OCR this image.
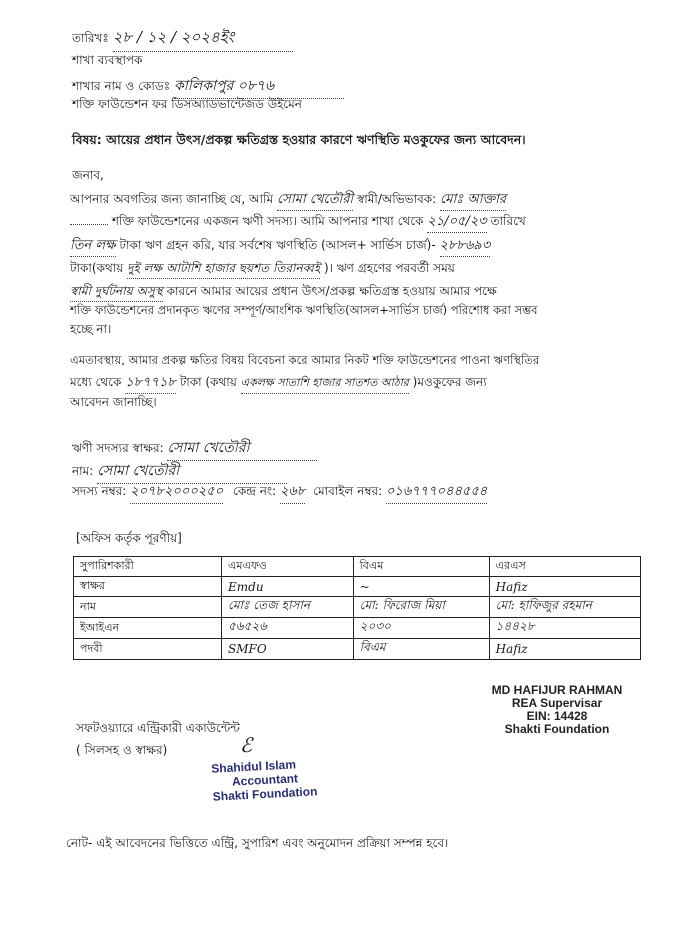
তারিখঃ ২৮ / ১২ / ২০২৪ইং
শাখা ব্যবস্থাপক
শাখার নাম ও কোডঃ কালিকাপুর ০৮৭৬
শক্তি ফাউন্ডেশন ফর ডিসঅ্যাডভান্টেজড উইমেন
বিষয়: আয়ের প্রধান উৎস/প্রকল্প ক্ষতিগ্রস্ত হওয়ার কারণে ঋণস্থিতি মওকুফের জন্য আবেদন।
জনাব,
আপনার অবগতির জন্য জানাচ্ছি যে, আমি সোমা খেতৌরী স্বামী/অভিভাবক: মোঃ আক্তার
শক্তি ফাউন্ডেশনের একজন ঋণী সদস্য। আমি আপনার শাখা থেকে ২১/০৫/২৩ তারিখে
তিন লক্ষ টাকা ঋণ গ্রহন করি, যার সর্বশেষ ঋণস্থিতি (আসল+ সার্ভিস চার্জ)- ২৮৮৬৯৩
টাকা(কথায় দুই লক্ষ আটাশি হাজার ছয়শত তিরানব্বই )। ঋণ গ্রহণের পরবর্তী সময়
স্বামী দুর্ঘটনায় অসুস্থ কারনে আমার আয়ের প্রধান উৎস/প্রকল্প ক্ষতিগ্রস্ত হওয়ায় আমার পক্ষে
শক্তি ফাউন্ডেশনের প্রদানকৃত ঋণের সম্পূর্ণ/আংশিক ঋণস্থিতি(আসল+সার্ভিস চার্জ) পরিশোধ করা সম্ভব
হচ্ছে না।
এমতাবস্থায়, আমার প্রকল্প ক্ষতির বিষয় বিবেচনা করে আমার নিকট শক্তি ফাউন্ডেশনের পাওনা ঋণস্থিতির
মধ্যে থেকে ১৮৭৭১৮ টাকা (কথায় একলক্ষ সাতাশি হাজার সাতশত আঠার )মওকুফের জন্য
আবেদন জানাচ্ছি।
ঋণী সদস্যর স্বাক্ষর: সোমা খেতৌরী
নাম: সোমা খেতৌরী
সদস্য নম্বর: ২০৭৮২০০০২৫০ কেন্দ্র নং: ২৬৮ মোবাইল নম্বর: ০১৬৭৭৭০৪৪৫৫৪
[অফিস কর্তৃক পূরণীয়]
সুপারিশকারী	এমএফও	বিএম	এরএস
স্বাক্ষর	Emdu	~	Hafiz
নাম	মোঃ তেজ হাসান	মো: ফিরোজ মিয়া	মো: হাফিজুর রহমান
ইআইএন	৫৬৫২৬	২০৩০	১৪৪২৮
পদবী	SMFO	বিএম	Hafiz
MD HAFIJUR RAHMAN
REA Supervisar
EIN: 14428
Shakti Foundation
সফটওয়্যারে এন্ট্রিকারী একাউন্টেন্ট
( সিলসহ ও স্বাক্ষর)	ℰ
Shahidul Islam
Accountant
Shakti Foundation
নোট- এই আবেদনের ভিত্তিতে এন্ট্রি, সুপারিশ এবং অনুমোদন প্রক্রিয়া সম্পন্ন হবে।
